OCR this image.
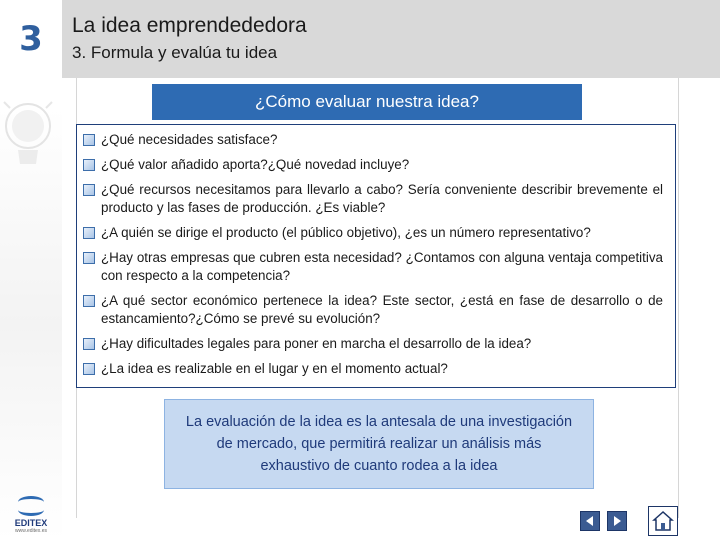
3 La idea emprendededora
3. Formula y evalúa tu idea
¿Cómo evaluar nuestra idea?
¿Qué necesidades satisface?
¿Qué valor añadido aporta?¿Qué novedad incluye?
¿Qué recursos necesitamos para llevarlo a cabo? Sería conveniente describir brevemente el producto y las fases de producción. ¿Es viable?
¿A quién se dirige el producto (el público objetivo), ¿es un número representativo?
¿Hay otras empresas que cubren esta necesidad? ¿Contamos con alguna ventaja competitiva con respecto a la competencia?
¿A qué sector económico pertenece la idea? Este sector, ¿está en fase de desarrollo o de estancamiento?¿Cómo se prevé su evolución?
¿Hay dificultades legales para poner en marcha el desarrollo de la idea?
¿La idea es realizable en el lugar y en el momento actual?
La evaluación de la idea es la antesala de una investigación de mercado, que permitirá realizar un análisis más exhaustivo de cuanto rodea a la idea
EDITEX
www.editex.es
